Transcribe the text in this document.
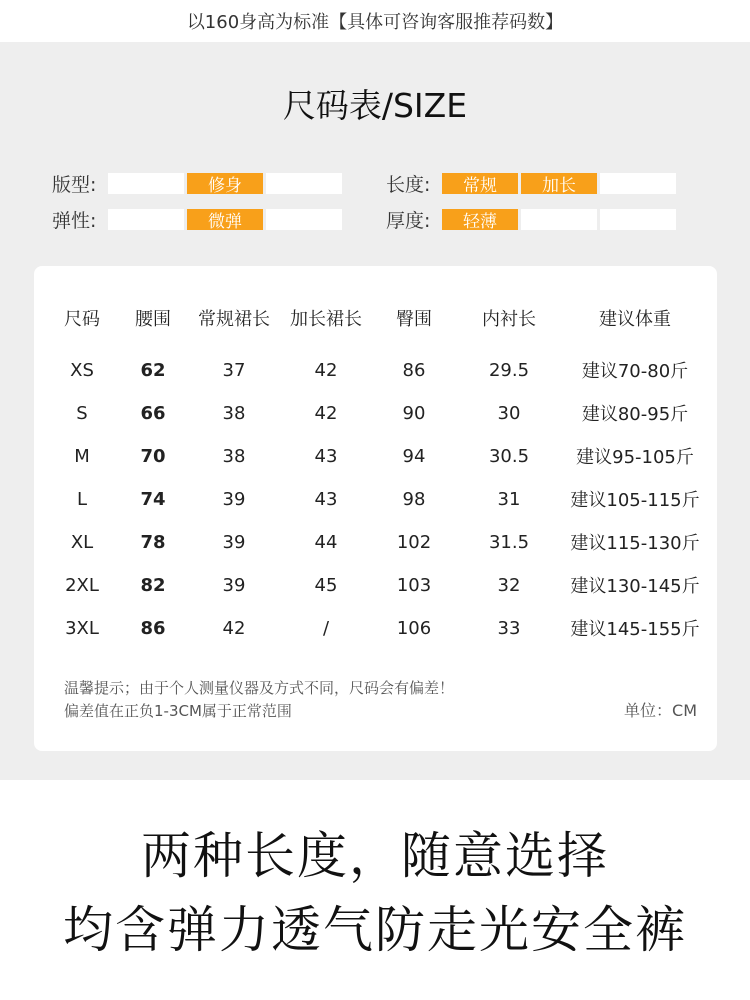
以160身高为标准【具体可咨询客服推荐码数】
尺码表/SIZE
版型:	修身
弹性:	微弹
长度:	常规	加长
厚度:	轻薄
尺码 腰围 常规裙长 加长裙长 臀围	内衬长	建议体重
XS	62	37	42	86	29.5	建议70-80斤
S	66	38	42	90	30	建议80-95斤
M	70	38	43	94	30.5	建议95-105斤
L	74	39	43	98	31	建议105-115斤
XL	78	39	44	102	31.5 建议115-130斤
2XL 82	39	45	103	32	建议130-145斤
3XL 86	42	/	106	33	建议145-155斤
温馨提示；由于个人测量仪器及方式不同，尺码会有偏差！
偏差值在正负1-3CM属于正常范围	单位：CM
两种长度，随意选择
均含弹力透气防走光安全裤
